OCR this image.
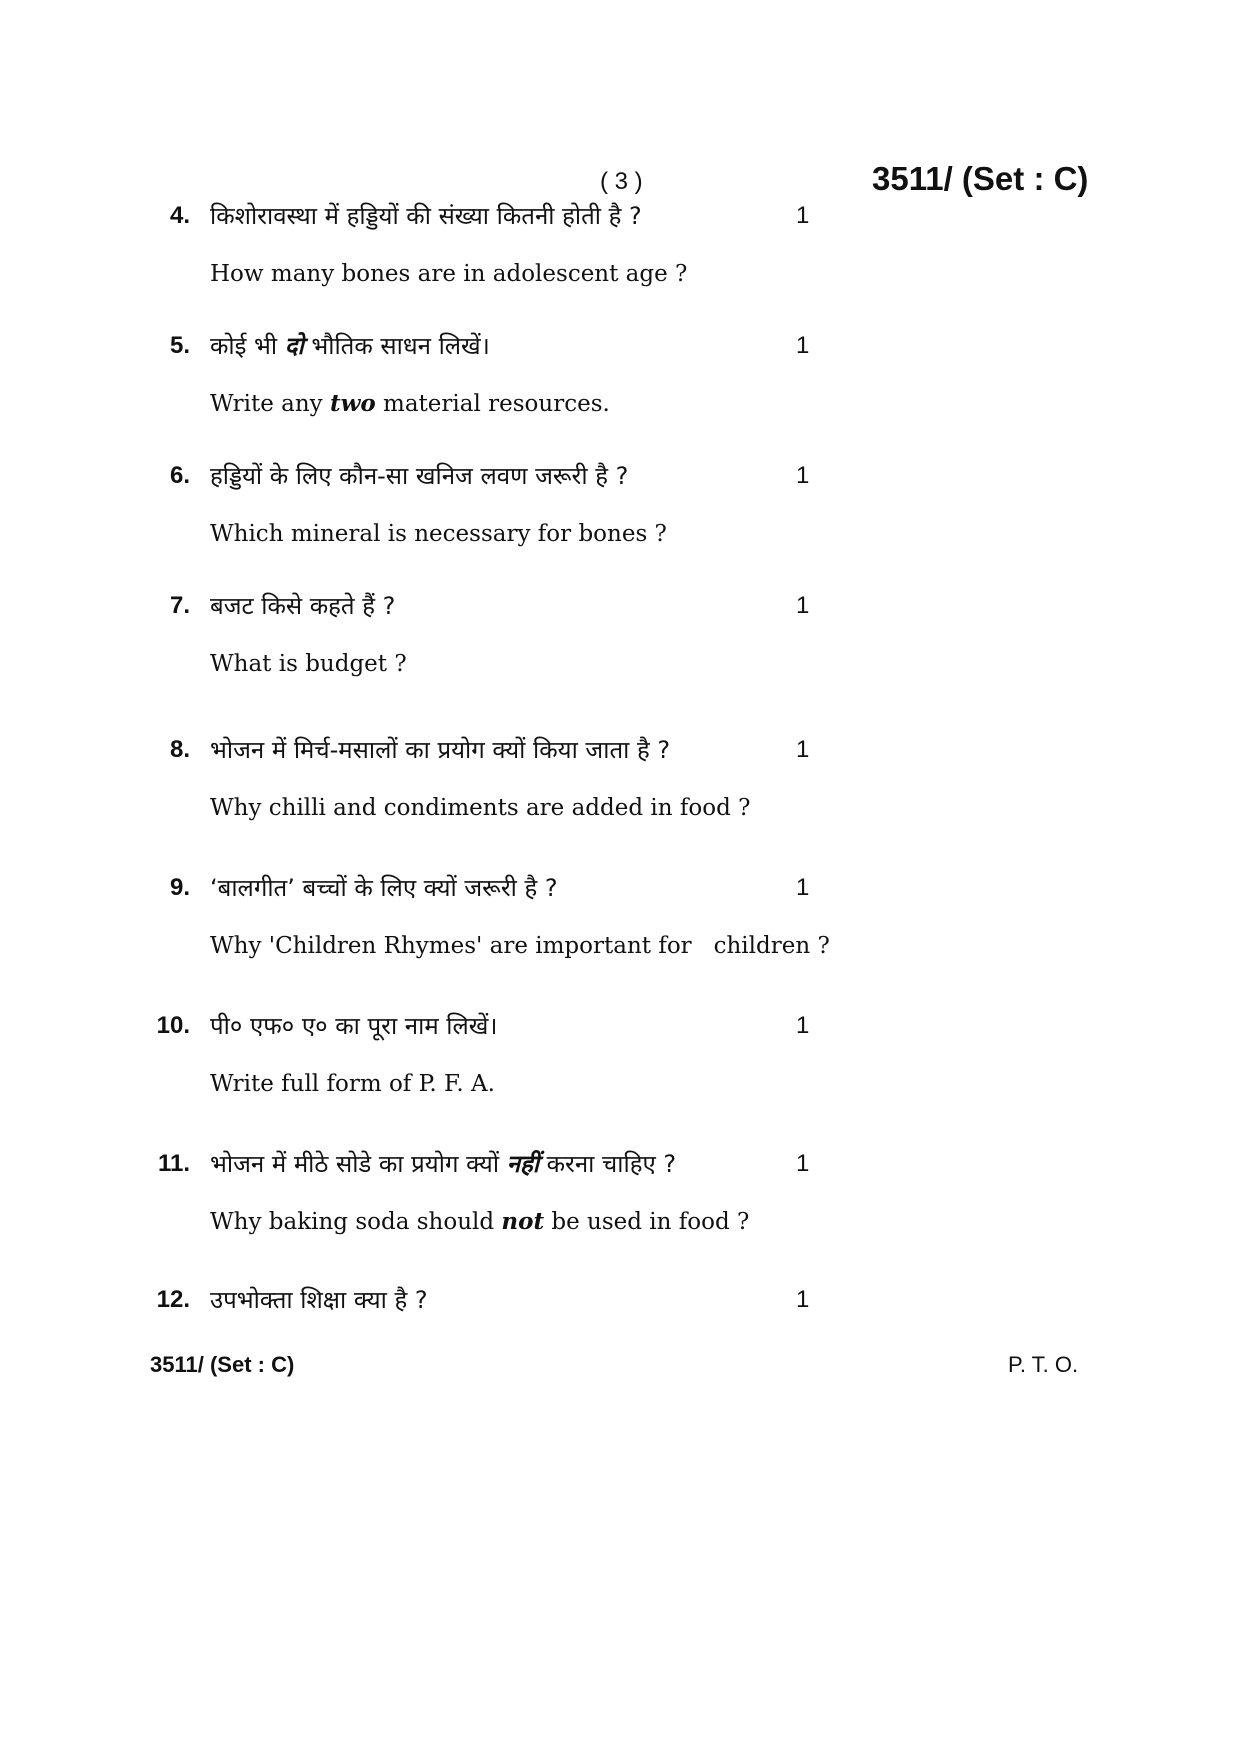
( 3 )	3511/ (Set : C)
4. किशोरावस्था में हड्डियों की संख्या कितनी होती है ?	1
How many bones are in adolescent age ?
5. कोई भी दो भौतिक साधन लिखें।	1
Write any two material resources.
6. हड्डियों के लिए कौन-सा खनिज लवण जरूरी है ?	1
Which mineral is necessary for bones ?
7. बजट किसे कहते हैं ?	1
What is budget ?
8. भोजन में मिर्च-मसालों का प्रयोग क्यों किया जाता है ?	1
Why chilli and condiments are added in food ?
9. ‘बालगीत’ बच्चों के लिए क्यों जरूरी है ?	1
Why 'Children Rhymes' are important for   children ?
10. पी० एफ० ए० का पूरा नाम लिखें।	1
Write full form of P. F. A.
11. भोजन में मीठे सोडे का प्रयोग क्यों नहीं करना चाहिए ?	1
Why baking soda should not be used in food ?
12. उपभोक्ता शिक्षा क्या है ?	1
3511/ (Set : C)	P. T. O.
